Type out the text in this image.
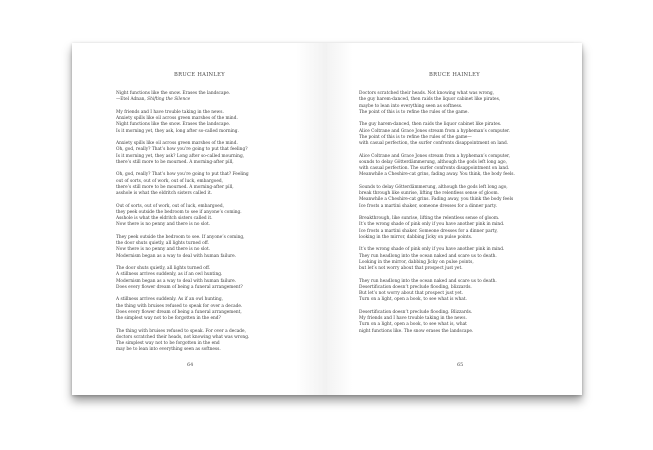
BRUCE HAINLEY
Night functions like the snow. Erases the landscape.
—Etel Adnan, Shifting the Silence
My friends and I have trouble taking in the news.
Anxiety spills like oil across green marshes of the mind.
Night functions like the snow. Erases the landscape.
Is it morning yet, they ask, long after so-called morning.
Anxiety spills like oil across green marshes of the mind.
Oh, god, really? That’s how you’re going to put that feeling?
Is it morning yet, they ask? Long after so-called mourning,
there’s still more to be mourned. A morning-after pill,
Oh, god, really? That’s how you’re going to put that? Feeling
out of sorts, out of work, out of luck, embargoed,
there’s still more to be mourned. A morning-after pill,
asshole is what the eldritch sisters called it.
Out of sorts, out of work, out of luck, embargoed,
they peek outside the bedroom to see if anyone’s coming.
Asshole is what the eldritch sisters called it.
Now there is no penny and there is no slot.
They peek outside the bedroom to see. If anyone’s coming,
the door shuts quietly, all lights turned off.
Now there is no penny and there is no slot.
Modernism began as a way to deal with human failure.
The door shuts quietly, all lights turned off.
A stillness arrives suddenly, as if an owl hunting.
Modernism began as a way to deal with human failure.
Does every flower dream of being a funeral arrangement?
A stillness arrives suddenly. As if an owl hunting,
the thing with bruises refused to speak for over a decade.
Does every flower dream of being a funeral arrangement,
the simplest way not to be forgotten in the end?
The thing with bruises refused to speak. For over a decade,
doctors scratched their heads, not knowing what was wrong.
The simplest way not to be forgotten in the end
may be to lean into everything seen as softness.
64
BRUCE HAINLEY
Doctors scratched their heads. Not knowing what was wrong,
the guy harem-danced, then raids the liquor cabinet like pirates,
maybe to lean into everything seen as softness.
The point of this is to refine the rules of the game.
The guy harem-danced, then raids the liquor cabinet like pirates.
Alice Coltrane and Grace Jones stream from a hypheman’s computer.
The point of this is to refine the rules of the game—
with casual perfection, the surfer confronts disappointment on land.
Alice Coltrane and Grace Jones stream from a hypheman’s computer,
sounds to delay Götterdämmerung, although the gods left long ago,
with casual perfection. The surfer confronts disappointment on land.
Meanwhile a Cheshire-cat grins, fading away. You think, the body feels.
Sounds to delay Götterdämmerung, although the gods left long ago,
break through like sunrise, lifting the relentless sense of gloom.
Meanwhile a Cheshire-cat grins. Fading away, you think the body feels
Ice frosts a martini shaker, someone dresses for a dinner party.
Breakthrough, like sunrise, lifting the relentless sense of gloom.
It’s the wrong shade of pink only if you have another pink in mind.
Ice frosts a martini shaker. Someone dresses for a dinner party,
looking in the mirror, dabbing Jicky on pulse points.
It’s the wrong shade of pink only if you have another pink in mind.
They run headlong into the ocean naked and scare us to death.
Looking in the mirror, dabbing Jicky on pulse points,
but let’s not worry about that prospect just yet.
They run headlong into the ocean naked and scare us to death.
Desertification doesn’t preclude flooding, blizzards.
But let’s not worry about that prospect just yet.
Turn on a light, open a book, to see what is what.
Desertification doesn’t preclude flooding. Blizzards.
My friends and I have trouble taking in the news.
Turn on a light, open a book, to see what is, what
night functions like. The snow erases the landscape.
65
